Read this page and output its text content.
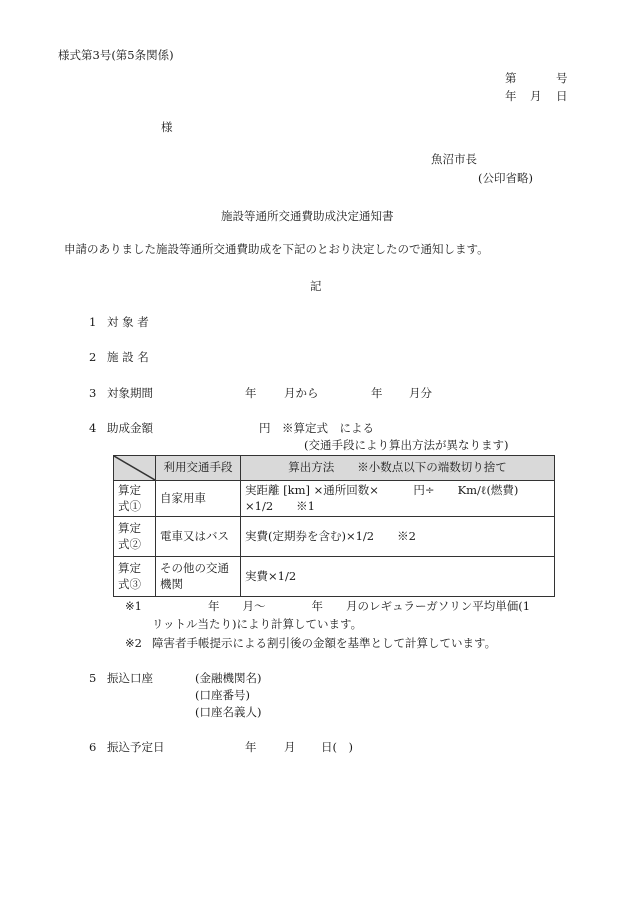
様式第3号(第5条関係)
第	号
年 月 日
様
魚沼市長
(公印省略)
施設等通所交通費助成決定通知書
申請のありました施設等通所交通費助成を下記のとおり決定したので通知します。
記
1 対 象 者
2 施 設 名
3 対象期間	年 月から	年 月分
4 助成金額	円 ※算定式　による
(交通手段により算出方法が異なります)
	利用交通手段	算出方法　　※小数点以下の端数切り捨て
算定式①	自家用車	実距離 [km] ×通所回数×　　　円÷　　Km/ℓ(燃費)
×1/2　　※1

算定式②	電車又はバス	実費(定期券を含む)×1/2　　※2

算定式③	その他の交通機関	実費×1/2
※1	年　　月～　　　　年　　月のレギュラーガソリン平均単価(1
リットル当たり)により計算しています。
※2 障害者手帳提示による割引後の金額を基準として計算しています。
5 振込口座	(金融機関名)
(口座番号)
(口座名義人)
6 振込予定日	年 月 日(　)
